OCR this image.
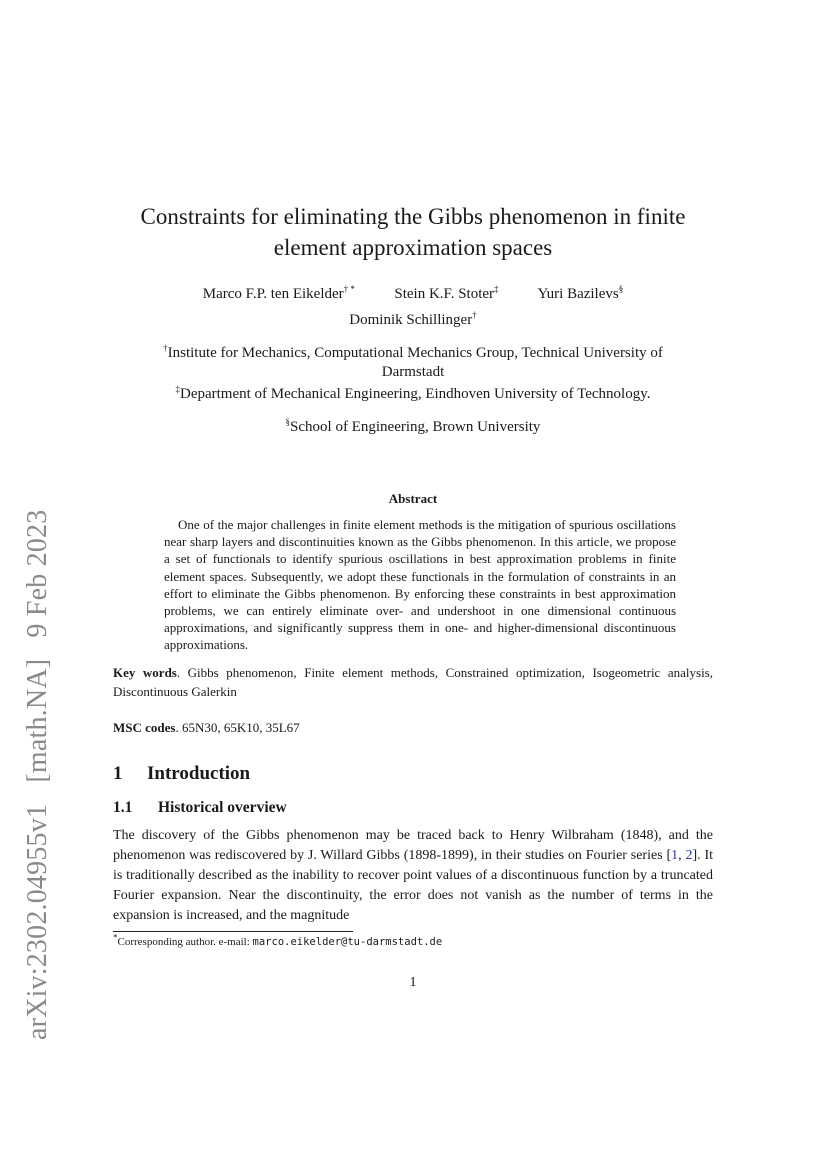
arXiv:2302.04955v1 [math.NA] 9 Feb 2023
Constraints for eliminating the Gibbs phenomenon in finite
element approximation spaces
Marco F.P. ten Eikelder† *	Stein K.F. Stoter‡	Yuri Bazilevs§
Dominik Schillinger†
†Institute for Mechanics, Computational Mechanics Group, Technical University of
Darmstadt
‡Department of Mechanical Engineering, Eindhoven University of Technology.
§School of Engineering, Brown University
Abstract
One of the major challenges in finite element methods is the mitigation of spurious oscillations near sharp layers and discontinuities known as the Gibbs phenomenon. In this article, we propose a set of functionals to identify spurious oscillations in best approximation problems in finite element spaces. Subsequently, we adopt these functionals in the formulation of constraints in an effort to eliminate the Gibbs phenomenon. By enforcing these constraints in best approximation problems, we can entirely eliminate over- and undershoot in one dimensional continuous approximations, and significantly suppress them in one- and higher-dimensional discontinuous approximations.
Key words. Gibbs phenomenon, Finite element methods, Constrained optimization, Isogeometric analysis, Discontinuous Galerkin
MSC codes. 65N30, 65K10, 35L67
1 Introduction
1.1 Historical overview
The discovery of the Gibbs phenomenon may be traced back to Henry Wilbraham (1848), and the phenomenon was rediscovered by J. Willard Gibbs (1898-1899), in their studies on Fourier series [1, 2]. It is traditionally described as the inability to recover point values of a discontinuous function by a truncated Fourier expansion. Near the discontinuity, the error does not vanish as the number of terms in the expansion is increased, and the magnitude
*Corresponding author. e-mail: marco.eikelder@tu-darmstadt.de
1
